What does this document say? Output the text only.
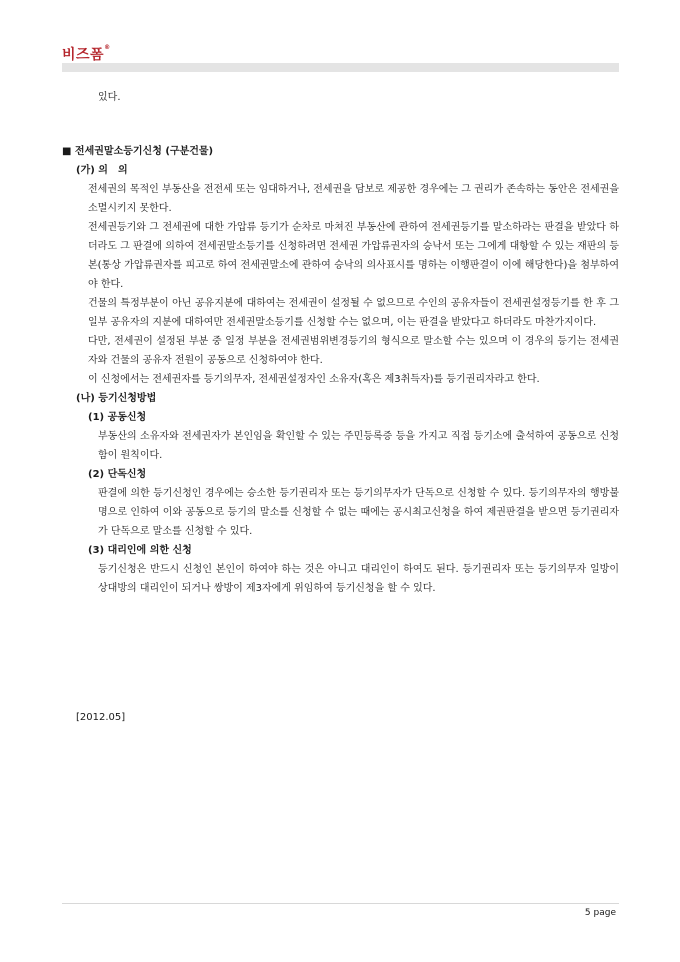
비즈폼®
있다.
■ 전세권말소등기신청 (구분건물)
(가) 의　의
전세권의 목적인 부동산을 전전세 또는 임대하거나, 전세권을 담보로 제공한 경우에는 그 권리가 존속하는 동안은 전세권을 소멸시키지 못한다.
전세권등기와 그 전세권에 대한 가압류 등기가 순차로 마쳐진 부동산에 관하여 전세권등기를 말소하라는 판결을 받았다 하더라도 그 판결에 의하여 전세권말소등기를 신청하려면 전세권 가압류권자의 승낙서 또는 그에게 대항할 수 있는 재판의 등본(통상 가압류권자를 피고로 하여 전세권말소에 관하여 승낙의 의사표시를 명하는 이행판결이 이에 해당한다)을 첨부하여야 한다.
건물의 특정부분이 아닌 공유지분에 대하여는 전세권이 설정될 수 없으므로 수인의 공유자들이 전세권설정등기를 한 후 그 일부 공유자의 지분에 대하여만 전세권말소등기를 신청할 수는 없으며, 이는 판결을 받았다고 하더라도 마찬가지이다.
다만, 전세권이 설정된 부분 중 일정 부분을 전세권범위변경등기의 형식으로 말소할 수는 있으며 이 경우의 등기는 전세권자와 건물의 공유자 전원이 공동으로 신청하여야 한다.
이 신청에서는 전세권자를 등기의무자, 전세권설정자인 소유자(혹은 제3취득자)를 등기권리자라고 한다.
(나) 등기신청방법
(1) 공동신청
부동산의 소유자와 전세권자가 본인임을 확인할 수 있는 주민등록증 등을 가지고 직접 등기소에 출석하여 공동으로 신청함이 원칙이다.
(2) 단독신청
판결에 의한 등기신청인 경우에는 승소한 등기권리자 또는 등기의무자가 단독으로 신청할 수 있다. 등기의무자의 행방불명으로 인하여 이와 공동으로 등기의 말소를 신청할 수 없는 때에는 공시최고신청을 하여 제권판결을 받으면 등기권리자가 단독으로 말소를 신청할 수 있다.
(3) 대리인에 의한 신청
등기신청은 반드시 신청인 본인이 하여야 하는 것은 아니고 대리인이 하여도 된다. 등기권리자 또는 등기의무자 일방이 상대방의 대리인이 되거나 쌍방이 제3자에게 위임하여 등기신청을 할 수 있다.
[2012.05]
5 page
